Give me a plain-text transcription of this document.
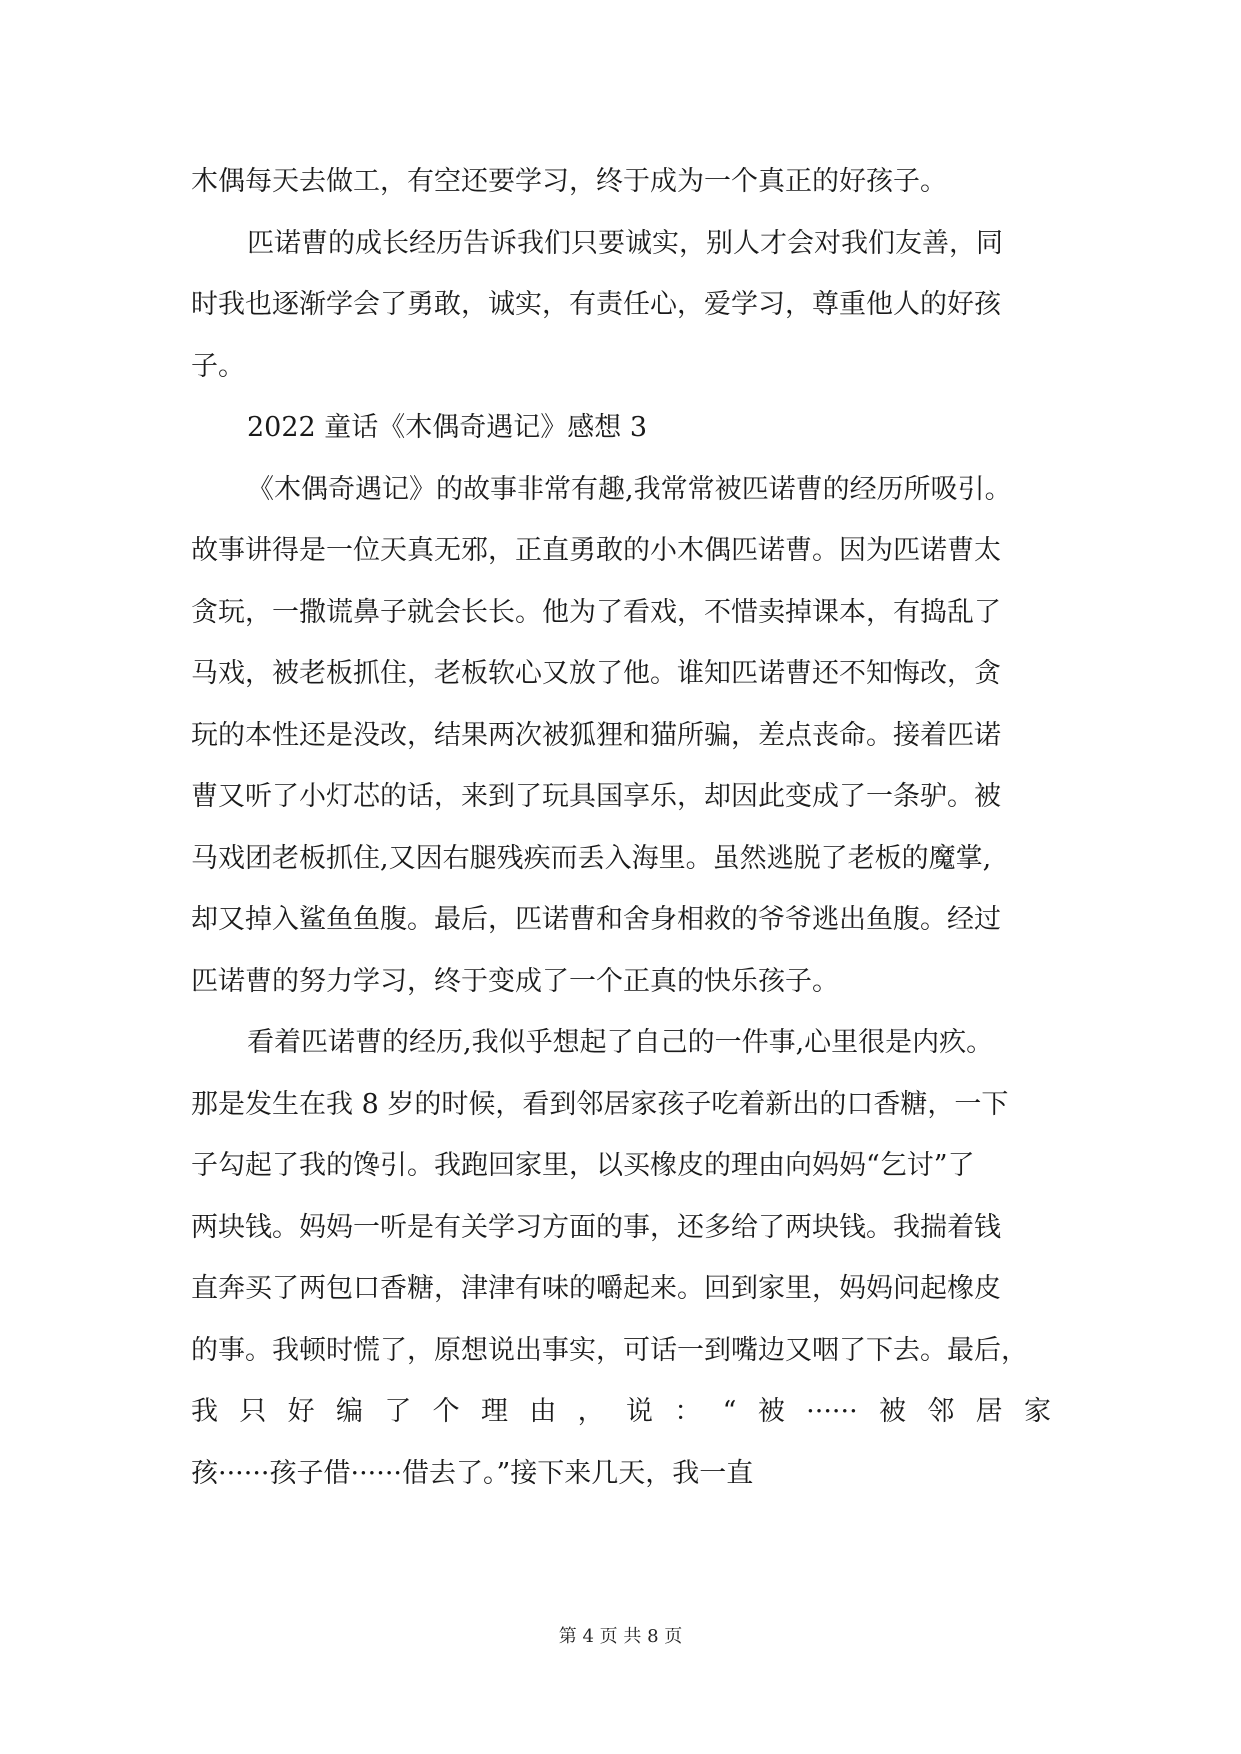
木偶每天去做工，有空还要学习，终于成为一个真正的好孩子。
匹诺曹的成长经历告诉我们只要诚实，别人才会对我们友善，同
时我也逐渐学会了勇敢，诚实，有责任心，爱学习，尊重他人的好孩
子。
2022 童话《木偶奇遇记》感想 3
《木偶奇遇记》的故事非常有趣,我常常被匹诺曹的经历所吸引。
故事讲得是一位天真无邪，正直勇敢的小木偶匹诺曹。因为匹诺曹太
贪玩，一撒谎鼻子就会长长。他为了看戏，不惜卖掉课本，有捣乱了
马戏，被老板抓住，老板软心又放了他。谁知匹诺曹还不知悔改，贪
玩的本性还是没改，结果两次被狐狸和猫所骗，差点丧命。接着匹诺
曹又听了小灯芯的话，来到了玩具国享乐，却因此变成了一条驴。被
马戏团老板抓住,又因右腿残疾而丢入海里。虽然逃脱了老板的魔掌,
却又掉入鲨鱼鱼腹。最后，匹诺曹和舍身相救的爷爷逃出鱼腹。经过
匹诺曹的努力学习，终于变成了一个正真的快乐孩子。
看着匹诺曹的经历,我似乎想起了自己的一件事,心里很是内疚。
那是发生在我 8 岁的时候，看到邻居家孩子吃着新出的口香糖，一下
子勾起了我的馋引。我跑回家里，以买橡皮的理由向妈妈“乞讨”了
两块钱。妈妈一听是有关学习方面的事，还多给了两块钱。我揣着钱
直奔买了两包口香糖，津津有味的嚼起来。回到家里，妈妈问起橡皮
的事。我顿时慌了，原想说出事实，可话一到嘴边又咽了下去。最后，
我只好编了个理由，说：“被······被邻居家
孩······孩子借······借去了。”接下来几天，我一直
第 4 页 共 8 页
